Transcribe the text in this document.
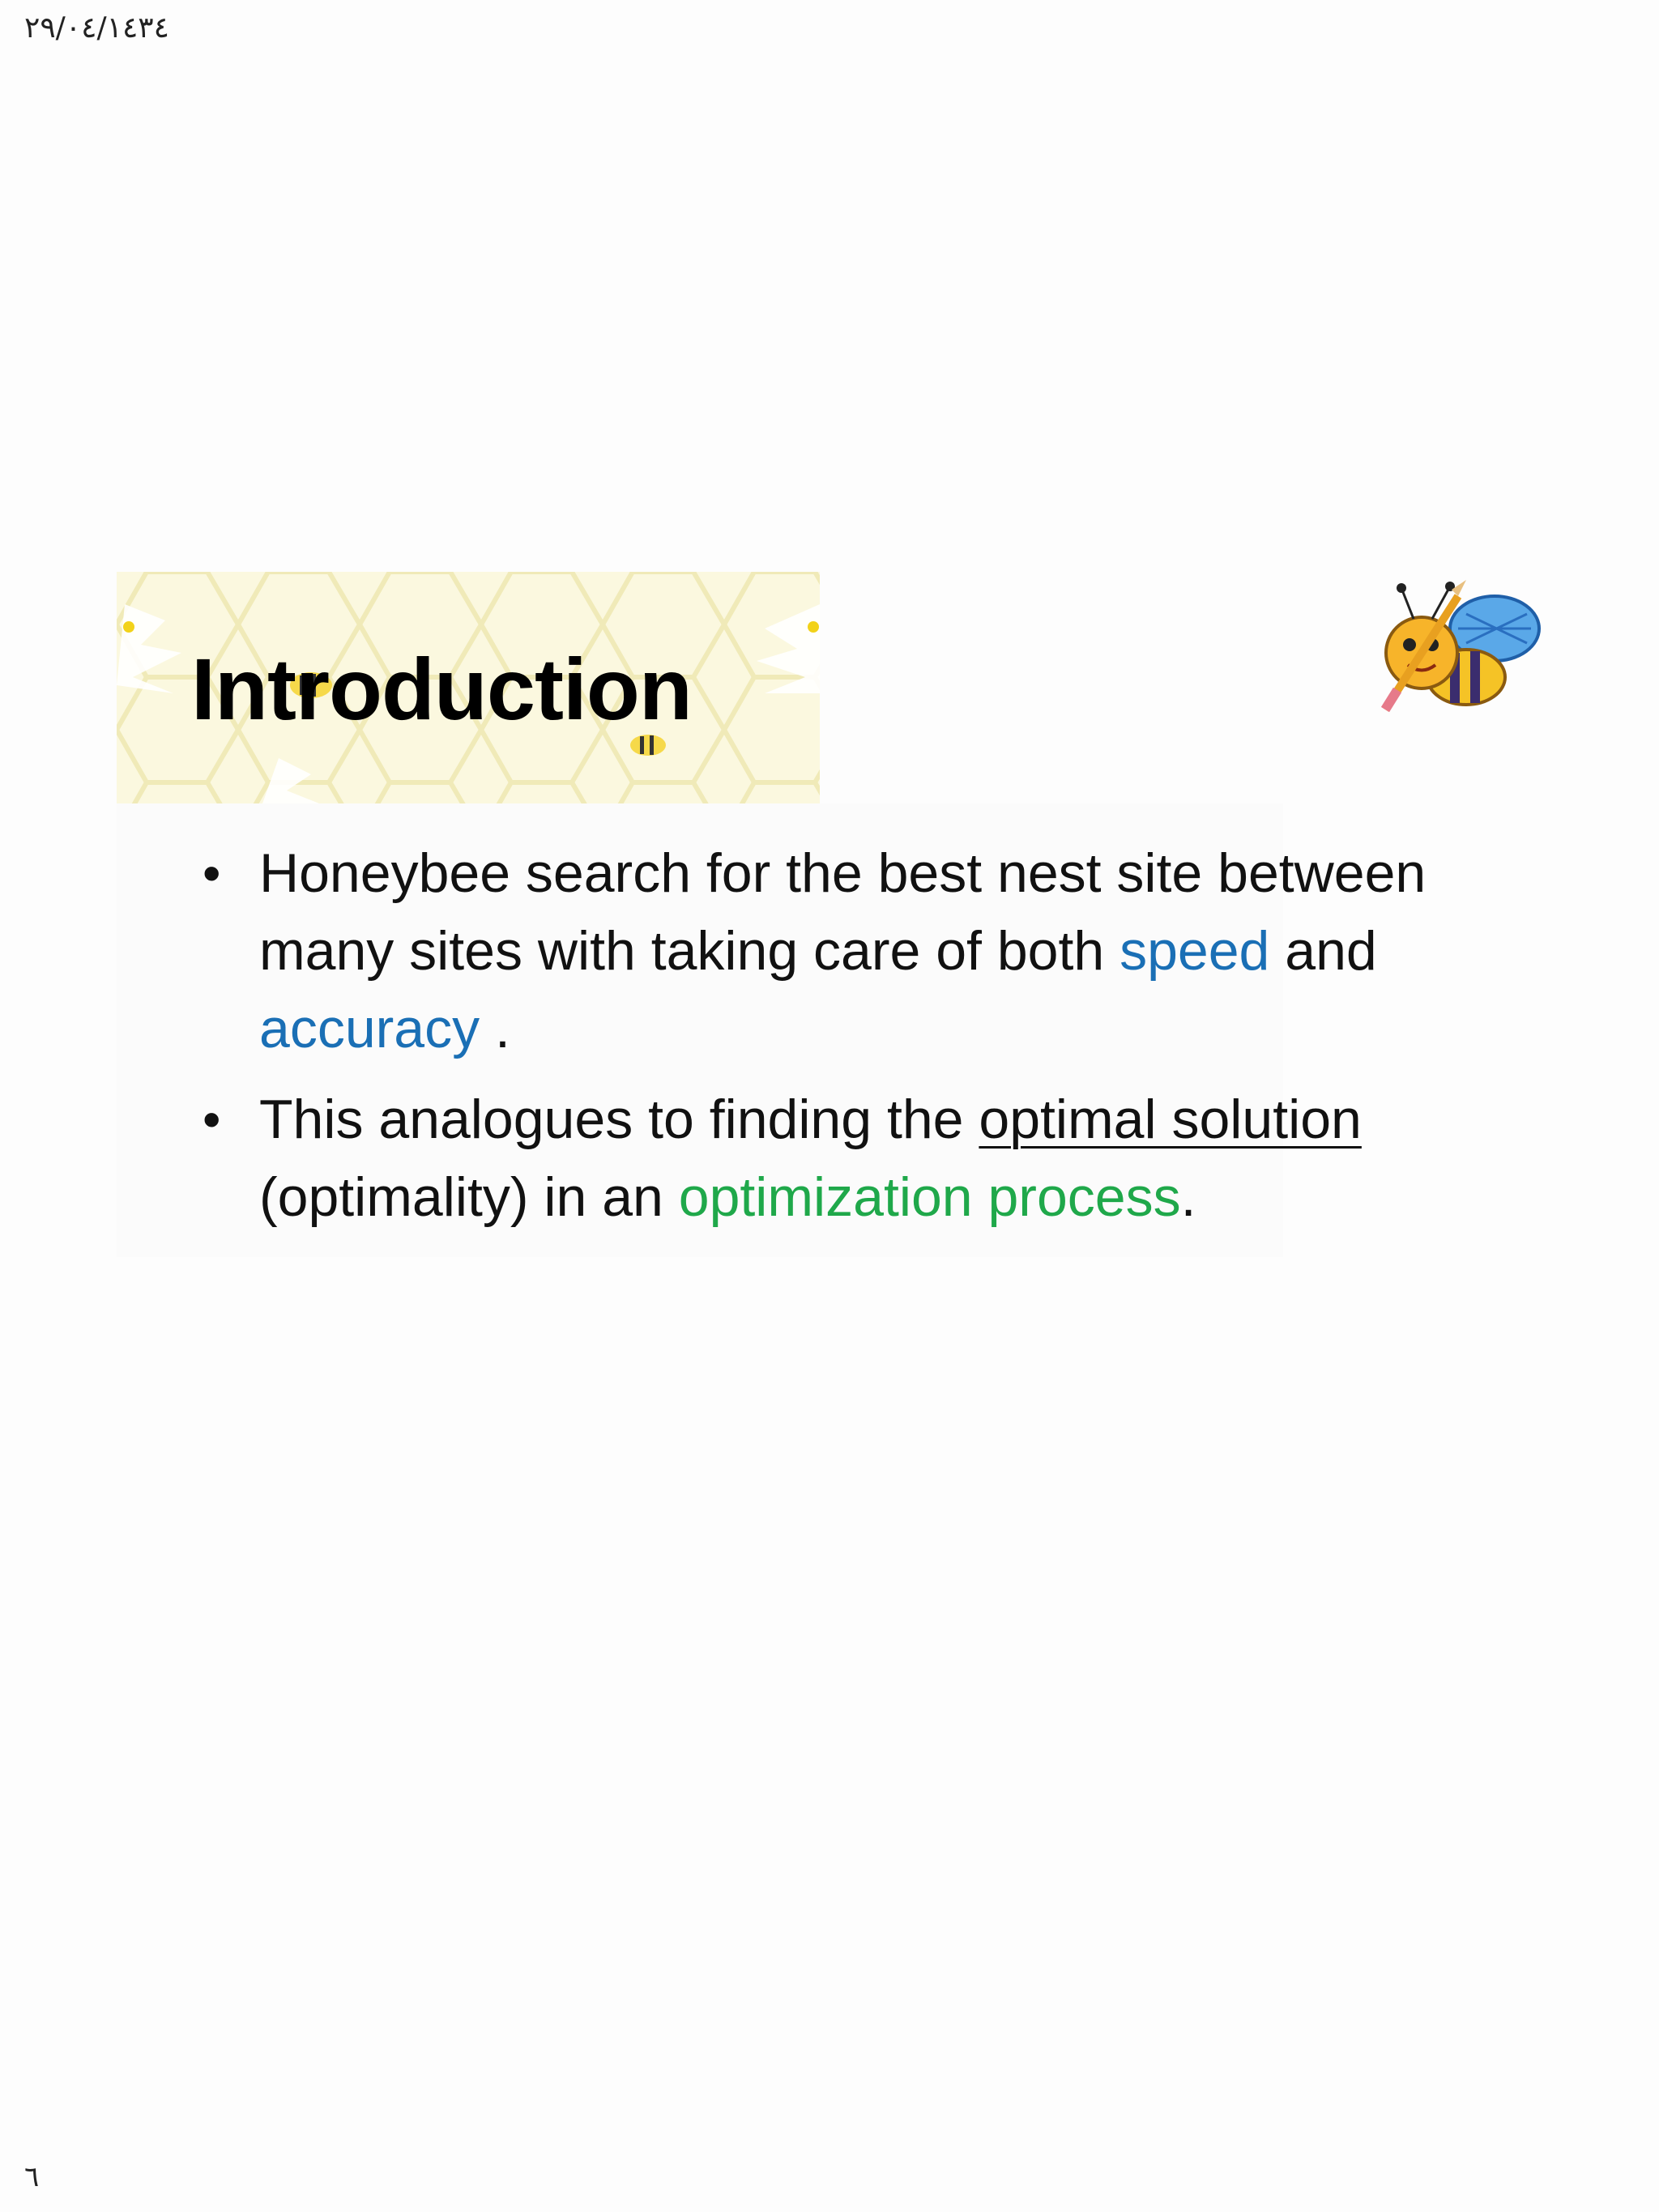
٢٩/٠٤/١٤٣٤
Introduction
• Honeybee search for the best nest site between many sites with taking care of both speed and accuracy .
• This analogues to finding the optimal solution (optimality) in an optimization process.
٦
